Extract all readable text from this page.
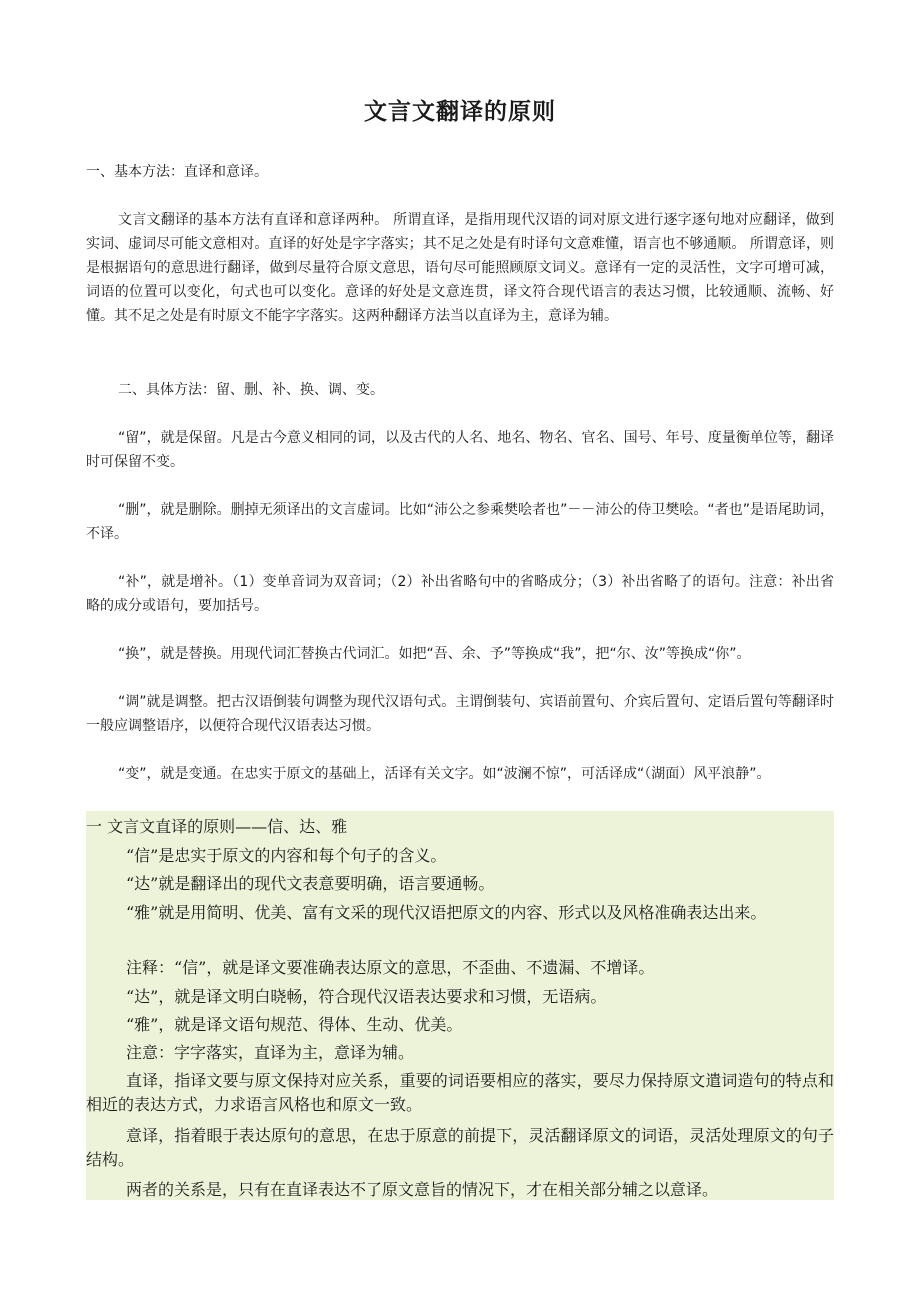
文言文翻译的原则

一、基本方法：直译和意译。

文言文翻译的基本方法有直译和意译两种。 所谓直译，是指用现代汉语的词对原文进行逐字逐句地对应翻译，做到实词、虚词尽可能文意相对。直译的好处是字字落实；其不足之处是有时译句文意难懂，语言也不够通顺。 所谓意译，则是根据语句的意思进行翻译，做到尽量符合原文意思，语句尽可能照顾原文词义。意译有一定的灵活性，文字可增可减，词语的位置可以变化，句式也可以变化。意译的好处是文意连贯，译文符合现代语言的表达习惯，比较通顺、流畅、好懂。其不足之处是有时原文不能字字落实。这两种翻译方法当以直译为主，意译为辅。

二、具体方法：留、删、补、换、调、变。

“留”，就是保留。凡是古今意义相同的词，以及古代的人名、地名、物名、官名、国号、年号、度量衡单位等，翻译时可保留不变。

“删”，就是删除。删掉无须译出的文言虚词。比如“沛公之参乘樊哙者也”－－沛公的侍卫樊哙。“者也”是语尾助词，不译。

“补”，就是增补。（1）变单音词为双音词；（2）补出省略句中的省略成分；（3）补出省略了的语句。注意：补出省略的成分或语句，要加括号。

“换”，就是替换。用现代词汇替换古代词汇。如把“吾、余、予”等换成“我”，把“尔、汝”等换成“你”。

“调”就是调整。把古汉语倒装句调整为现代汉语句式。主谓倒装句、宾语前置句、介宾后置句、定语后置句等翻译时一般应调整语序，以便符合现代汉语表达习惯。

“变”，就是变通。在忠实于原文的基础上，活译有关文字。如“波澜不惊”，可活译成“（湖面）风平浪静”。

一 文言文直译的原则——信、达、雅

“信”是忠实于原文的内容和每个句子的含义。

“达”就是翻译出的现代文表意要明确，语言要通畅。

“雅”就是用简明、优美、富有文采的现代汉语把原文的内容、形式以及风格准确表达出来。

注释：“信”，就是译文要准确表达原文的意思，不歪曲、不遗漏、不增译。

“达”，就是译文明白晓畅，符合现代汉语表达要求和习惯，无语病。

“雅”，就是译文语句规范、得体、生动、优美。

注意：字字落实，直译为主，意译为辅。

直译，指译文要与原文保持对应关系，重要的词语要相应的落实，要尽力保持原文遣词造句的特点和相近的表达方式，力求语言风格也和原文一致。

意译，指着眼于表达原句的意思，在忠于原意的前提下，灵活翻译原文的词语，灵活处理原文的句子结构。

两者的关系是，只有在直译表达不了原文意旨的情况下，才在相关部分辅之以意译。
